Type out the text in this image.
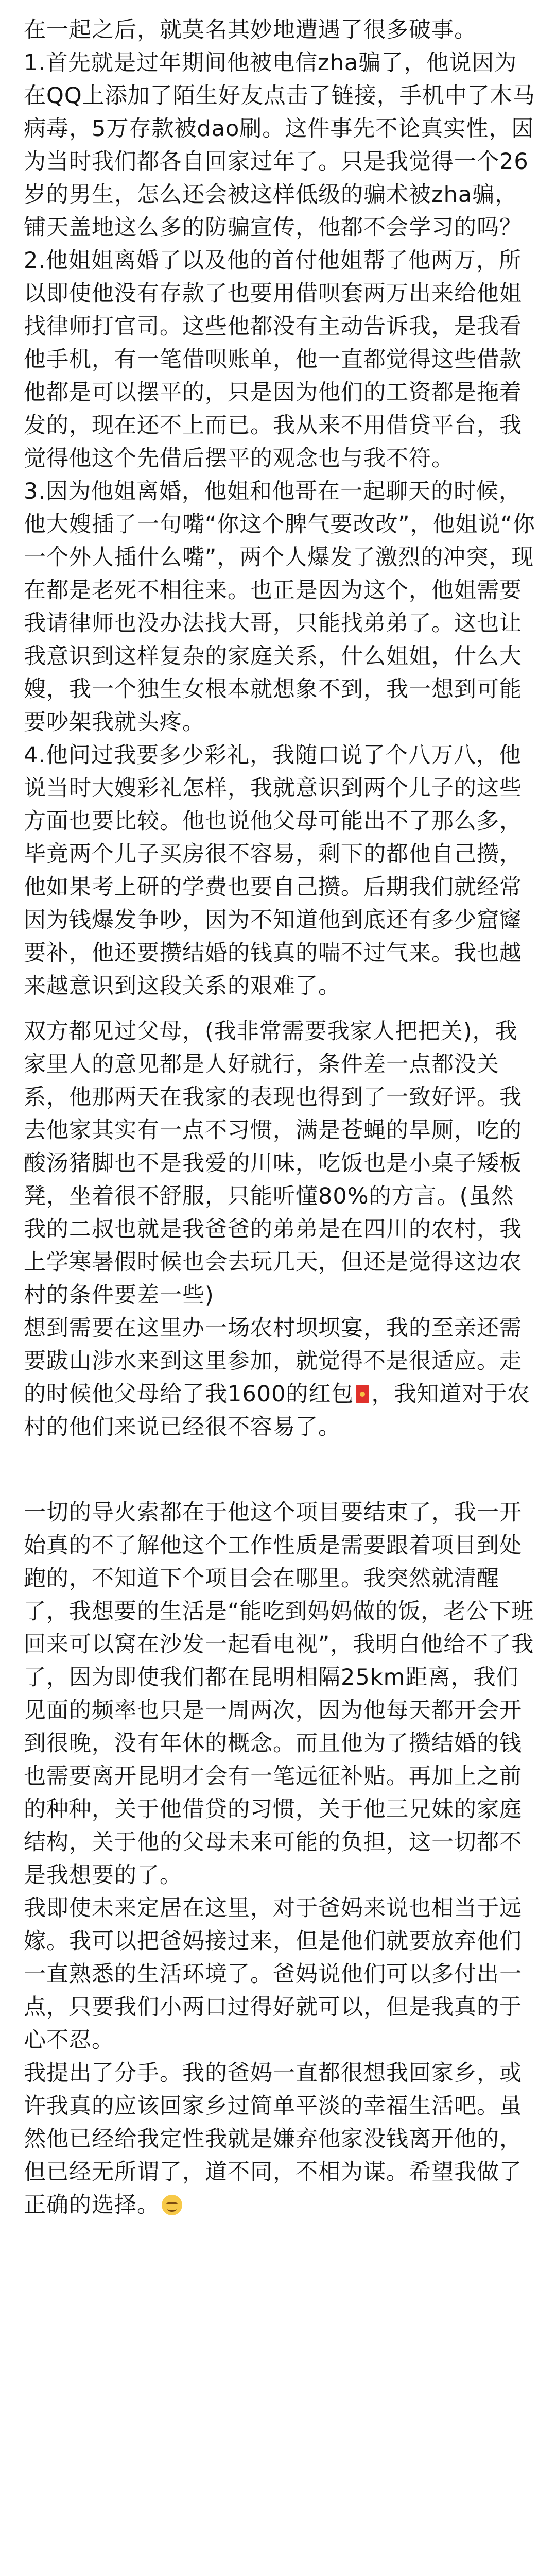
在一起之后，就莫名其妙地遭遇了很多破事。

1.首先就是过年期间他被电信zha骗了，他说因为在QQ上添加了陌生好友点击了链接，手机中了木马病毒，5万存款被dao刷。这件事先不论真实性，因为当时我们都各自回家过年了。只是我觉得一个26岁的男生，怎么还会被这样低级的骗术被zha骗，铺天盖地这么多的防骗宣传，他都不会学习的吗？

2.他姐姐离婚了以及他的首付他姐帮了他两万，所以即使他没有存款了也要用借呗套两万出来给他姐找律师打官司。这些他都没有主动告诉我，是我看他手机，有一笔借呗账单，他一直都觉得这些借款他都是可以摆平的，只是因为他们的工资都是拖着发的，现在还不上而已。我从来不用借贷平台，我觉得他这个先借后摆平的观念也与我不符。

3.因为他姐离婚，他姐和他哥在一起聊天的时候，他大嫂插了一句嘴“你这个脾气要改改”，他姐说“你一个外人插什么嘴”，两个人爆发了激烈的冲突，现在都是老死不相往来。也正是因为这个，他姐需要我请律师也没办法找大哥，只能找弟弟了。这也让我意识到这样复杂的家庭关系，什么姐姐，什么大嫂，我一个独生女根本就想象不到，我一想到可能要吵架我就头疼。

4.他问过我要多少彩礼，我随口说了个八万八，他说当时大嫂彩礼怎样，我就意识到两个儿子的这些方面也要比较。他也说他父母可能出不了那么多，毕竟两个儿子买房很不容易，剩下的都他自己攒，他如果考上研的学费也要自己攒。后期我们就经常因为钱爆发争吵，因为不知道他到底还有多少窟窿要补，他还要攒结婚的钱真的喘不过气来。我也越来越意识到这段关系的艰难了。

双方都见过父母，(我非常需要我家人把把关)，我家里人的意见都是人好就行，条件差一点都没关系，他那两天在我家的表现也得到了一致好评。我去他家其实有一点不习惯，满是苍蝇的旱厕，吃的酸汤猪脚也不是我爱的川味，吃饭也是小桌子矮板凳，坐着很不舒服，只能听懂80%的方言。(虽然我的二叔也就是我爸爸的弟弟是在四川的农村，我上学寒暑假时候也会去玩几天，但还是觉得这边农村的条件要差一些)

想到需要在这里办一场农村坝坝宴，我的至亲还需要跋山涉水来到这里参加，就觉得不是很适应。走的时候他父母给了我1600的红包 ，我知道对于农村的他们来说已经很不容易了。

一切的导火索都在于他这个项目要结束了，我一开始真的不了解他这个工作性质是需要跟着项目到处跑的，不知道下个项目会在哪里。我突然就清醒了，我想要的生活是“能吃到妈妈做的饭，老公下班回来可以窝在沙发一起看电视”，我明白他给不了我了，因为即使我们都在昆明相隔25km距离，我们见面的频率也只是一周两次，因为他每天都开会开到很晚，没有年休的概念。而且他为了攒结婚的钱也需要离开昆明才会有一笔远征补贴。再加上之前的种种，关于他借贷的习惯，关于他三兄妹的家庭结构，关于他的父母未来可能的负担，这一切都不是我想要的了。

我即使未来定居在这里，对于爸妈来说也相当于远嫁。我可以把爸妈接过来，但是他们就要放弃他们一直熟悉的生活环境了。爸妈说他们可以多付出一点，只要我们小两口过得好就可以，但是我真的于心不忍。

我提出了分手。我的爸妈一直都很想我回家乡，或许我真的应该回家乡过简单平淡的幸福生活吧。虽然他已经给我定性我就是嫌弃他家没钱离开他的，但已经无所谓了，道不同，不相为谋。希望我做了正确的选择。
